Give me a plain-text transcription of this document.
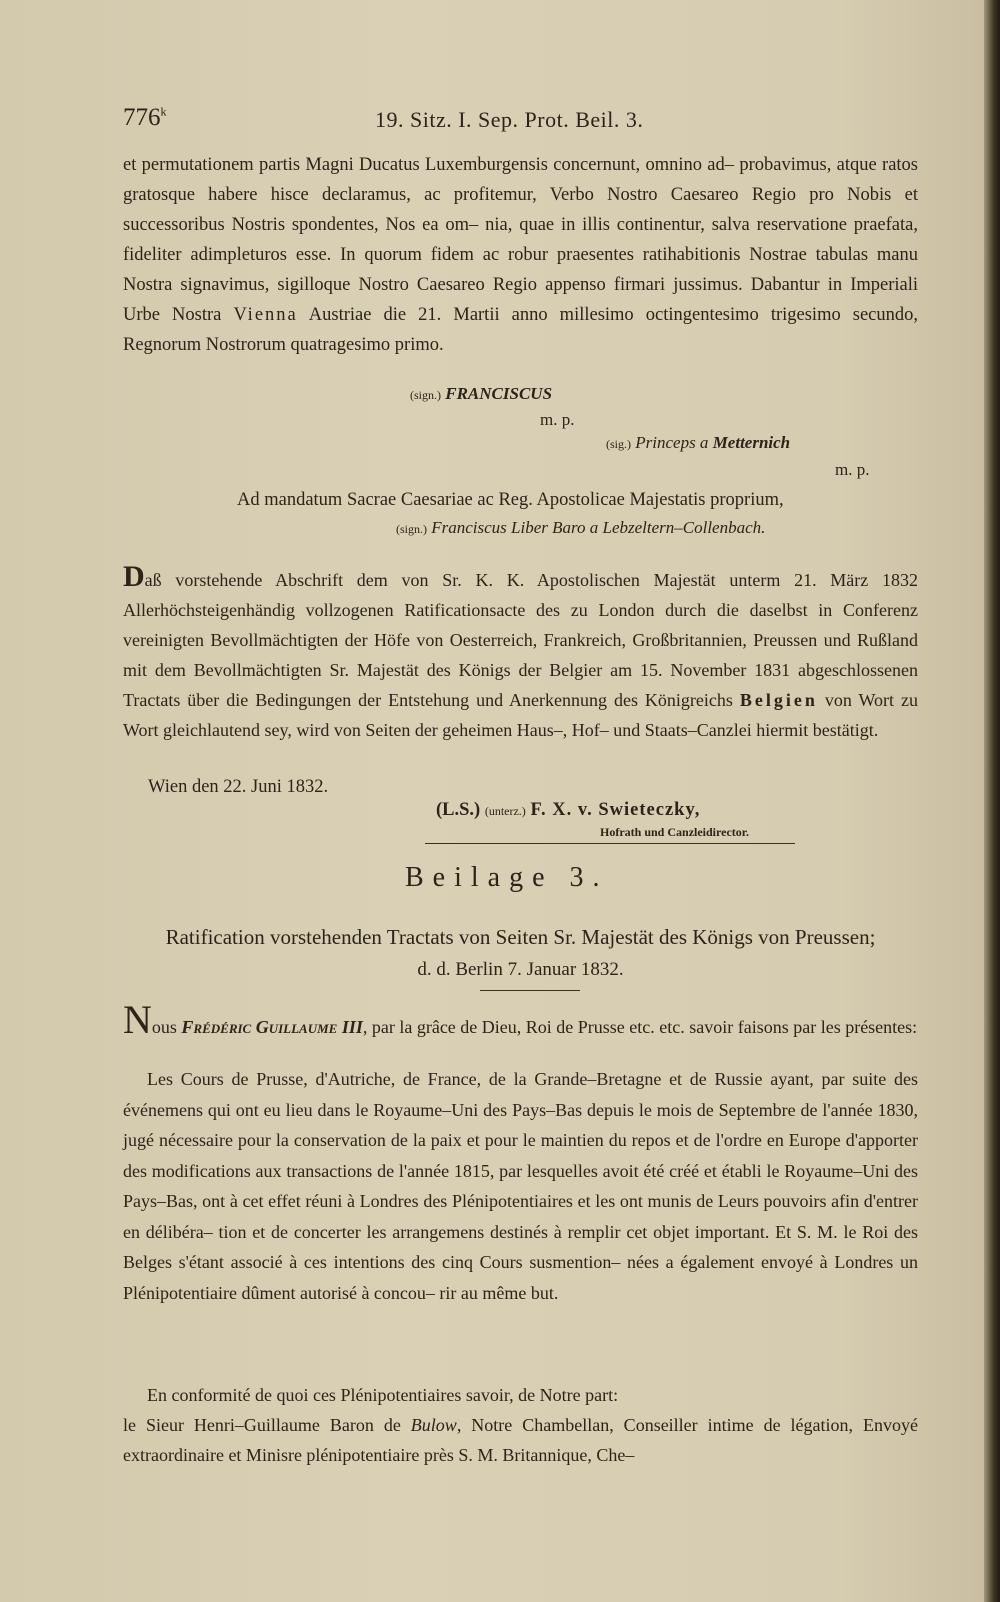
776$^k$	19. Sitz. I. Sep. Prot. Beil. 3.
et permutationem partis Magni Ducatus Luxemburgensis concernunt, omnino ad– probavimus, atque ratos gratosque habere hisce declaramus, ac profitemur, Verbo Nostro Caesareo Regio pro Nobis et successoribus Nostris spondentes, Nos ea om– nia, quae in illis continentur, salva reservatione praefata, fideliter adimpleturos esse. In quorum fidem ac robur praesentes ratihabitionis Nostrae tabulas manu Nostra signavimus, sigilloque Nostro Caesareo Regio appenso firmari jussimus. Dabantur in Imperiali Urbe Nostra Vienna Austriae die 21. Martii anno millesimo octingentesimo trigesimo secundo, Regnorum Nostrorum quatragesimo primo.
(sign.) FRANCISCUS
m. p.
(sig.) Princeps a Metternich
m. p.
Ad mandatum Sacrae Caesariae ac Reg. Apostolicae Majestatis proprium,
(sign.) Franciscus Liber Baro a Lebzeltern–Collenbach.
Daß vorstehende Abschrift dem von Sr. K. K. Apostolischen Majestät unterm 21. März 1832 Allerhöchsteigenhändig vollzogenen Ratificationsacte des zu London durch die daselbst in Conferenz vereinigten Bevollmächtigten der Höfe von Oesterreich, Frankreich, Großbritannien, Preussen und Rußland mit dem Bevollmächtigten Sr. Majestät des Königs der Belgier am 15. November 1831 abgeschlossenen Tractats über die Bedingungen der Entstehung und Anerkennung des Königreichs Belgien von Wort zu Wort gleichlautend sey, wird von Seiten der geheimen Haus–, Hof– und Staats–Canzlei hiermit bestätigt.
Wien den 22. Juni 1832.
(L.S.) (unterz.) F. X. v. Swieteczky,
Hofrath und Canzleidirector.
Beilage 3.
Ratification vorstehenden Tractats von Seiten Sr. Majestät des Königs von Preussen;
d. d. Berlin 7. Januar 1832.
Nous Frédéric Guillaume III, par la grâce de Dieu, Roi de Prusse etc. etc. savoir faisons par les présentes:
Les Cours de Prusse, d'Autriche, de France, de la Grande–Bretagne et de Russie ayant, par suite des événemens qui ont eu lieu dans le Royaume–Uni des Pays–Bas depuis le mois de Septembre de l'année 1830, jugé nécessaire pour la conservation de la paix et pour le maintien du repos et de l'ordre en Europe d'apporter des modifications aux transactions de l'année 1815, par lesquelles avoit été créé et établi le Royaume–Uni des Pays–Bas, ont à cet effet réuni à Londres des Plénipotentiaires et les ont munis de Leurs pouvoirs afin d'entrer en délibéra– tion et de concerter les arrangemens destinés à remplir cet objet important. Et S. M. le Roi des Belges s'étant associé à ces intentions des cinq Cours susmention– nées a également envoyé à Londres un Plénipotentiaire dûment autorisé à concou– rir au même but.
En conformité de quoi ces Plénipotentiaires savoir, de Notre part:
le Sieur Henri–Guillaume Baron de Bulow, Notre Chambellan, Conseiller intime de légation, Envoyé extraordinaire et Minisre plénipotentiaire près S. M. Britannique, Che–
